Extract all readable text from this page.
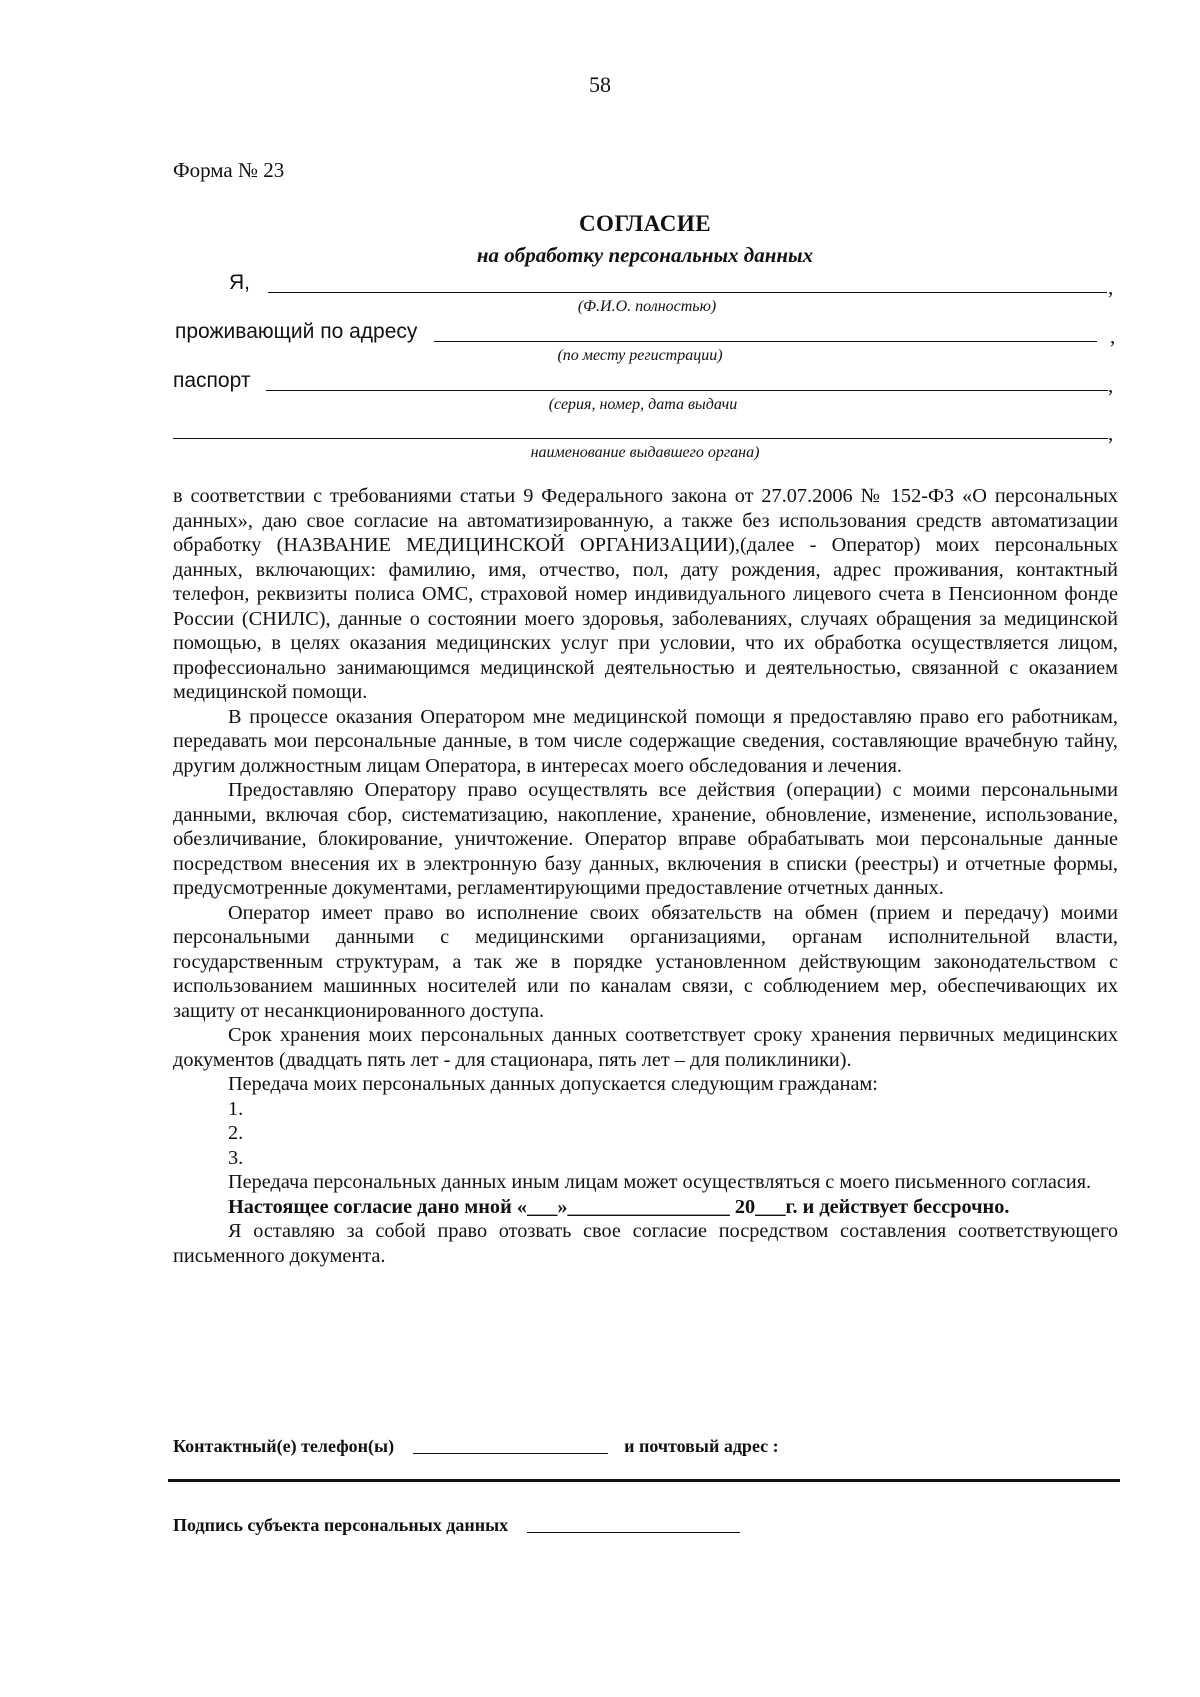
58
Форма № 23
СОГЛАСИЕ
на обработку персональных данных
Я,	,
(Ф.И.О. полностью)
проживающий по адресу	,
(по месту регистрации)
паспорт	,
(серия, номер, дата выдачи
,
наименование выдавшего органа)

в соответствии с требованиями статьи 9 Федерального закона от 27.07.2006 № 152-ФЗ «О персональных данных», даю свое согласие на автоматизированную, а также без использования средств автоматизации обработку (НАЗВАНИЕ МЕДИЦИНСКОЙ ОРГАНИЗАЦИИ),(далее - Оператор) моих персональных данных, включающих: фамилию, имя, отчество, пол, дату рождения, адрес проживания, контактный телефон, реквизиты полиса ОМС, страховой номер индивидуального лицевого счета в Пенсионном фонде России (СНИЛС), данные о состоянии моего здоровья, заболеваниях, случаях обращения за медицинской помощью, в целях оказания медицинских услуг при условии, что их обработка осуществляется лицом, профессионально занимающимся медицинской деятельностью и деятельностью, связанной с оказанием медицинской помощи.

В процессе оказания Оператором мне медицинской помощи я предоставляю право его работникам, передавать мои персональные данные, в том числе содержащие сведения, составляющие врачебную тайну, другим должностным лицам Оператора, в интересах моего обследования и лечения.

Предоставляю Оператору право осуществлять все действия (операции) с моими персональными данными, включая сбор, систематизацию, накопление, хранение, обновление, изменение, использование, обезличивание, блокирование, уничтожение. Оператор вправе обрабатывать мои персональные данные посредством внесения их в электронную базу данных, включения в списки (реестры) и отчетные формы, предусмотренные документами, регламентирующими предоставление отчетных данных.

Оператор имеет право во исполнение своих обязательств на обмен (прием и передачу) моими персональными данными с медицинскими организациями, органам исполнительной власти, государственным структурам, а так же в порядке установленном действующим законодательством с использованием машинных носителей или по каналам связи, с соблюдением мер, обеспечивающих их защиту от несанкционированного доступа.

Срок хранения моих персональных данных соответствует сроку хранения первичных медицинских документов (двадцать пять лет - для стационара, пять лет – для поликлиники).

Передача моих персональных данных допускается следующим гражданам:

1.
2.
3.

Передача персональных данных иным лицам может осуществляться с моего письменного согласия.

Настоящее согласие дано мной «___»________________ 20___г. и действует бессрочно.

Я оставляю за собой право отозвать свое согласие посредством составления соответствующего письменного документа.

Контактный(е) телефон(ы)	и почтовый адрес :
Подпись субъекта персональных данных
